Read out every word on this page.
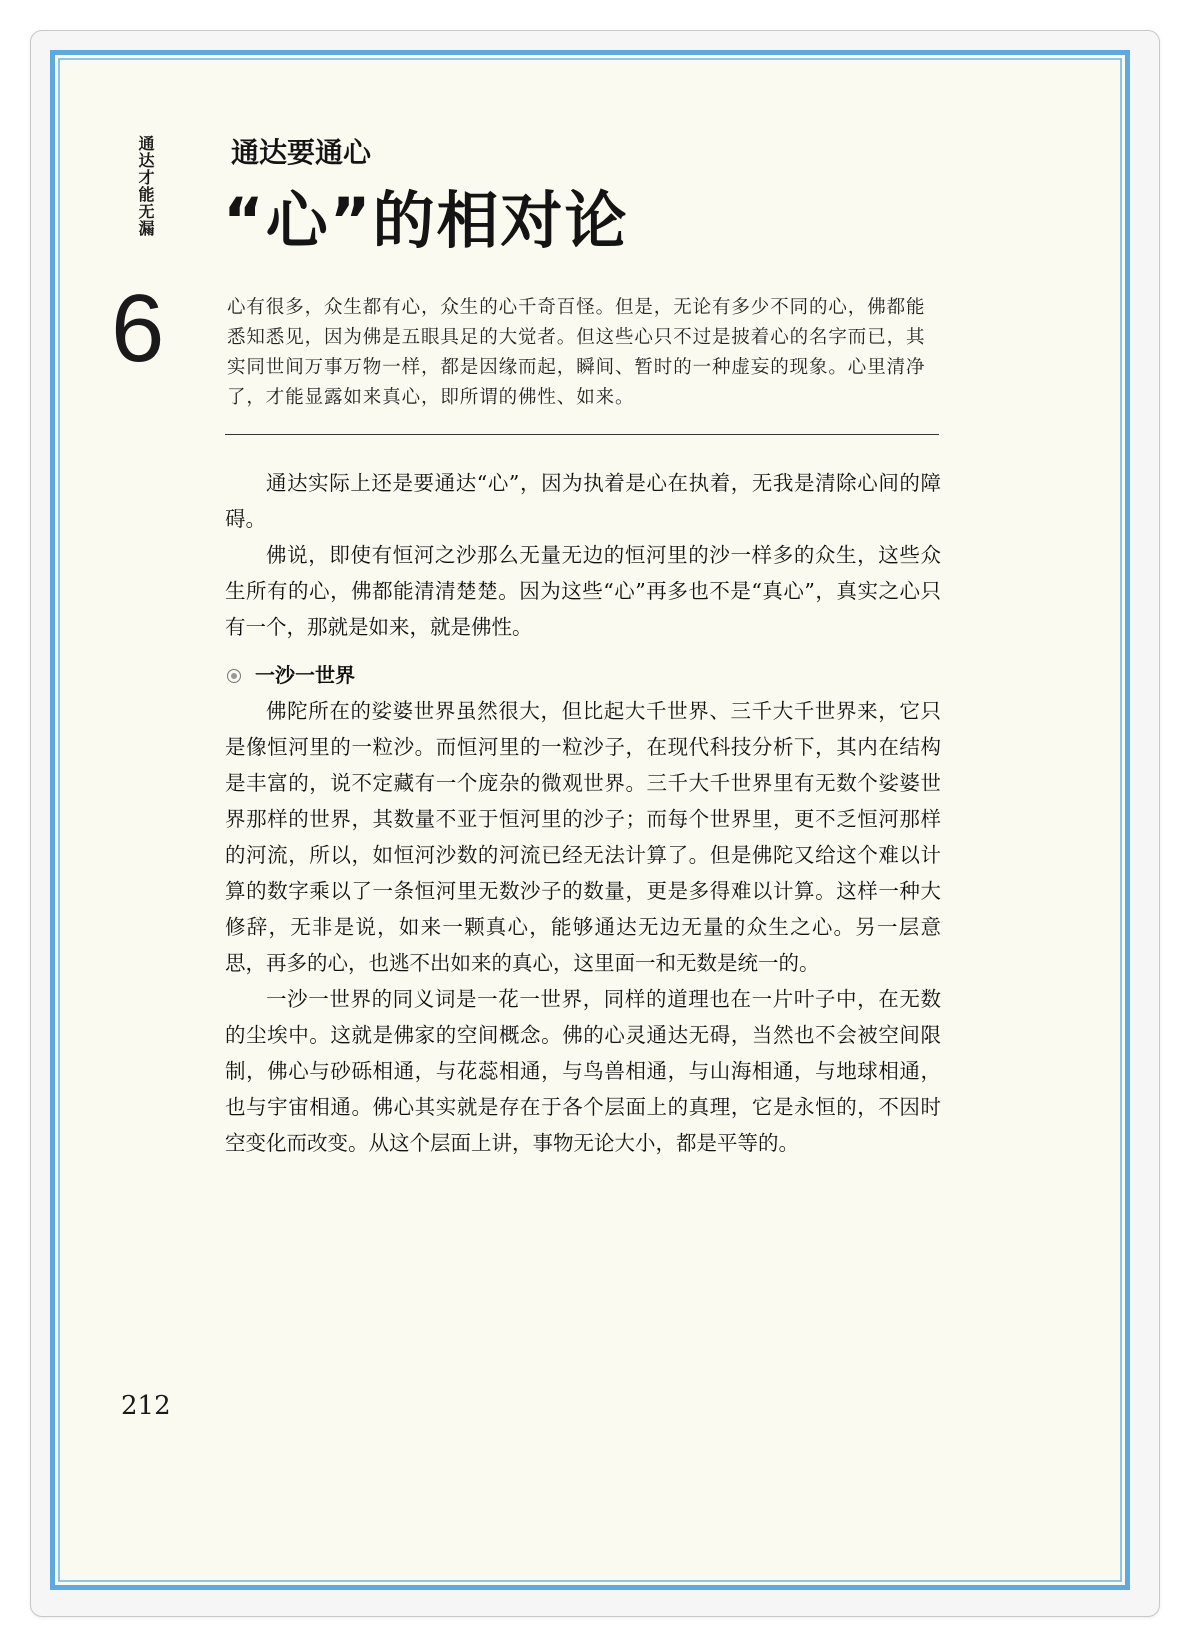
通达才能无漏
6
通达要通心
“心”的相对论

心有很多，众生都有心，众生的心千奇百怪。但是，无论有多少不同的心，佛都能悉知悉见，因为佛是五眼具足的大觉者。但这些心只不过是披着心的名字而已，其实同世间万事万物一样，都是因缘而起，瞬间、暂时的一种虚妄的现象。心里清净了，才能显露如来真心，即所谓的佛性、如来。

通达实际上还是要通达“心”，因为执着是心在执着，无我是清除心间的障碍。

佛说，即使有恒河之沙那么无量无边的恒河里的沙一样多的众生，这些众生所有的心，佛都能清清楚楚。因为这些“心”再多也不是“真心”，真实之心只有一个，那就是如来，就是佛性。

一沙一世界

佛陀所在的娑婆世界虽然很大，但比起大千世界、三千大千世界来，它只是像恒河里的一粒沙。而恒河里的一粒沙子，在现代科技分析下，其内在结构是丰富的，说不定藏有一个庞杂的微观世界。三千大千世界里有无数个娑婆世界那样的世界，其数量不亚于恒河里的沙子；而每个世界里，更不乏恒河那样的河流，所以，如恒河沙数的河流已经无法计算了。但是佛陀又给这个难以计算的数字乘以了一条恒河里无数沙子的数量，更是多得难以计算。这样一种大修辞，无非是说，如来一颗真心，能够通达无边无量的众生之心。另一层意思，再多的心，也逃不出如来的真心，这里面一和无数是统一的。

一沙一世界的同义词是一花一世界，同样的道理也在一片叶子中，在无数的尘埃中。这就是佛家的空间概念。佛的心灵通达无碍，当然也不会被空间限制，佛心与砂砾相通，与花蕊相通，与鸟兽相通，与山海相通，与地球相通，也与宇宙相通。佛心其实就是存在于各个层面上的真理，它是永恒的，不因时空变化而改变。从这个层面上讲，事物无论大小，都是平等的。

212
